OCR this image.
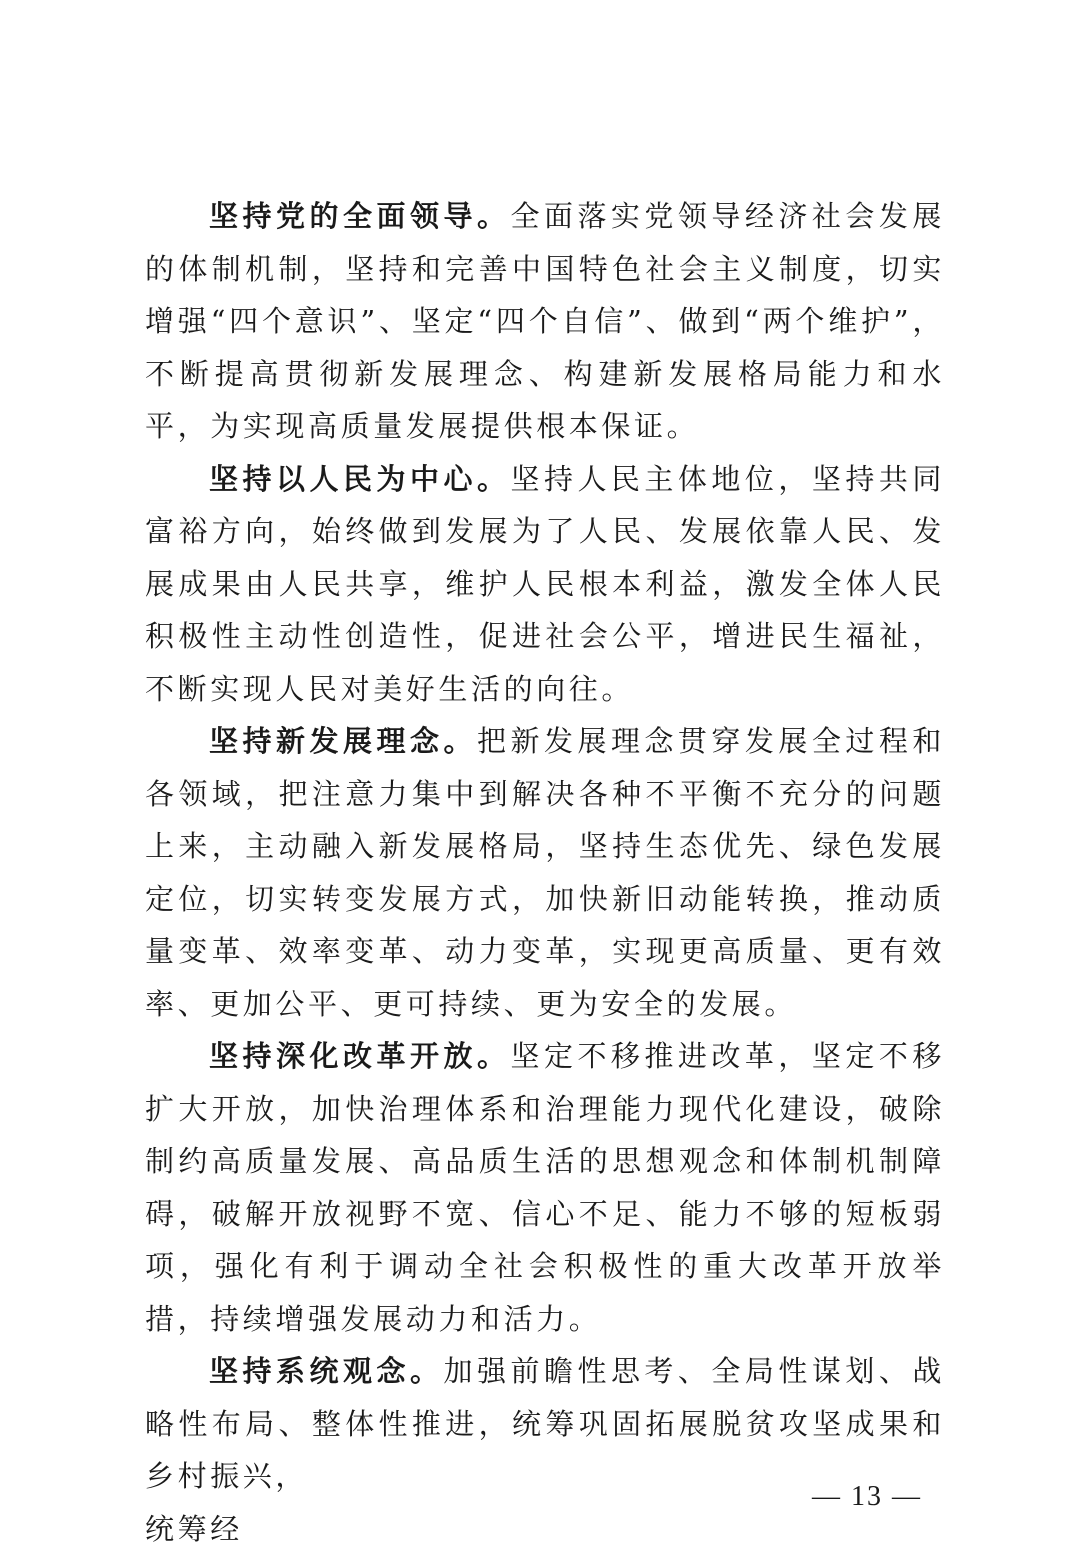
坚持党的全面领导。全面落实党领导经济社会发展的体制机制，坚持和完善中国特色社会主义制度，切实增强“四个意识”、坚定“四个自信”、做到“两个维护”，不断提高贯彻新发展理念、构建新发展格局能力和水平，为实现高质量发展提供根本保证。

坚持以人民为中心。坚持人民主体地位，坚持共同富裕方向，始终做到发展为了人民、发展依靠人民、发展成果由人民共享，维护人民根本利益，激发全体人民积极性主动性创造性，促进社会公平，增进民生福祉，不断实现人民对美好生活的向往。

坚持新发展理念。把新发展理念贯穿发展全过程和各领域，把注意力集中到解决各种不平衡不充分的问题上来，主动融入新发展格局，坚持生态优先、绿色发展定位，切实转变发展方式，加快新旧动能转换，推动质量变革、效率变革、动力变革，实现更高质量、更有效率、更加公平、更可持续、更为安全的发展。

坚持深化改革开放。坚定不移推进改革，坚定不移扩大开放，加快治理体系和治理能力现代化建设，破除制约高质量发展、高品质生活的思想观念和体制机制障碍，破解开放视野不宽、信心不足、能力不够的短板弱项，强化有利于调动全社会积极性的重大改革开放举措，持续增强发展动力和活力。

坚持系统观念。加强前瞻性思考、全局性谋划、战略性布局、整体性推进，统筹巩固拓展脱贫攻坚成果和乡村振兴，

— 13 —

统筹经
